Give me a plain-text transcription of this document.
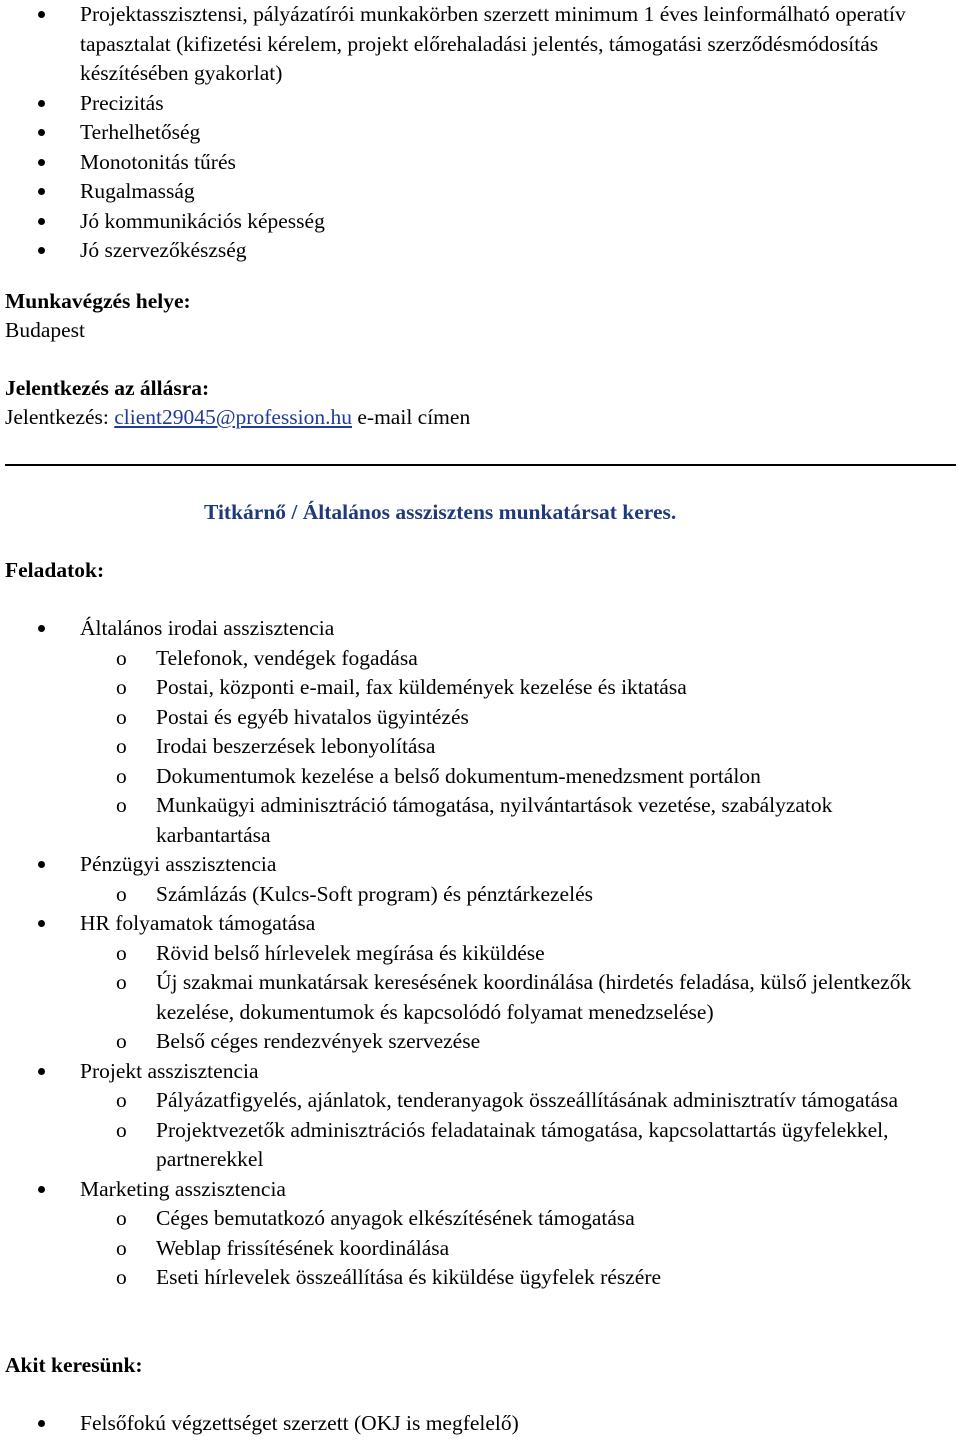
Projektasszisztensi, pályázatírói munkakörben szerzett minimum 1 éves leinformálható operatív tapasztalat (kifizetési kérelem, projekt előrehaladási jelentés, támogatási szerződésmódosítás készítésében gyakorlat)
Precizitás
Terhelhetőség
Monotonitás tűrés
Rugalmasság
Jó kommunikációs képesség
Jó szervezőkészség
Munkavégzés helye:
Budapest
Jelentkezés az állásra:
Jelentkezés: client29045@profession.hu e-mail címen
Titkárnő / Általános asszisztens munkatársat keres.
Feladatok:
Általános irodai asszisztencia
o Telefonok, vendégek fogadása
o Postai, központi e-mail, fax küldemények kezelése és iktatása
o Postai és egyéb hivatalos ügyintézés
o Irodai beszerzések lebonyolítása
o Dokumentumok kezelése a belső dokumentum-menedzsment portálon
o Munkaügyi adminisztráció támogatása, nyilvántartások vezetése, szabályzatok karbantartása
Pénzügyi asszisztencia
o Számlázás (Kulcs-Soft program) és pénztárkezelés
HR folyamatok támogatása
o Rövid belső hírlevelek megírása és kiküldése
o Új szakmai munkatársak keresésének koordinálása (hirdetés feladása, külső jelentkezők kezelése, dokumentumok és kapcsolódó folyamat menedzselése)
o Belső céges rendezvények szervezése
Projekt asszisztencia
o Pályázatfigyelés, ajánlatok, tenderanyagok összeállításának adminisztratív támogatása
o Projektvezetők adminisztrációs feladatainak támogatása, kapcsolattartás ügyfelekkel, partnerekkel
Marketing asszisztencia
o Céges bemutatkozó anyagok elkészítésének támogatása
o Weblap frissítésének koordinálása
o Eseti hírlevelek összeállítása és kiküldése ügyfelek részére
Akit keresünk:
Felsőfokú végzettséget szerzett (OKJ is megfelelő)
